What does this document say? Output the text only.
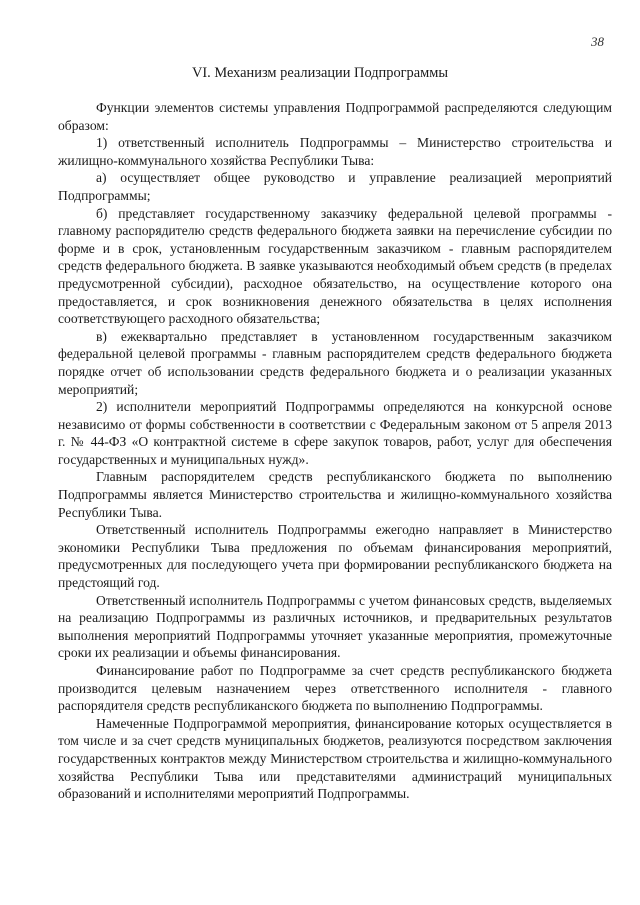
38
VI. Механизм реализации Подпрограммы

Функции элементов системы управления Подпрограммой распределяются следующим образом:

1) ответственный исполнитель Подпрограммы – Министерство строительства и жилищно-коммунального хозяйства Республики Тыва:

а) осуществляет общее руководство и управление реализацией мероприятий Подпрограммы;

б) представляет государственному заказчику федеральной целевой программы - главному распорядителю средств федерального бюджета заявки на перечисление субсидии по форме и в срок, установленным государственным заказчиком - главным распорядителем средств федерального бюджета. В заявке указываются необходимый объем средств (в пределах предусмотренной субсидии), расходное обязательство, на осуществление которого она предоставляется, и срок возникновения денежного обязательства в целях исполнения соответствующего расходного обязательства;

в) ежеквартально представляет в установленном государственным заказчиком федеральной целевой программы - главным распорядителем средств федерального бюджета порядке отчет об использовании средств федерального бюджета и о реализации указанных мероприятий;

2) исполнители мероприятий Подпрограммы определяются на конкурсной основе независимо от формы собственности в соответствии с Федеральным законом от 5 апреля 2013 г. № 44-ФЗ «О контрактной системе в сфере закупок товаров, работ, услуг для обеспечения государственных и муниципальных нужд».

Главным распорядителем средств республиканского бюджета по выполнению Подпрограммы является Министерство строительства и жилищно-коммунального хозяйства Республики Тыва.

Ответственный исполнитель Подпрограммы ежегодно направляет в Министерство экономики Республики Тыва предложения по объемам финансирования мероприятий, предусмотренных для последующего учета при формировании республиканского бюджета на предстоящий год.

Ответственный исполнитель Подпрограммы с учетом финансовых средств, выделяемых на реализацию Подпрограммы из различных источников, и предварительных результатов выполнения мероприятий Подпрограммы уточняет указанные мероприятия, промежуточные сроки их реализации и объемы финансирования.

Финансирование работ по Подпрограмме за счет средств республиканского бюджета производится целевым назначением через ответственного исполнителя - главного распорядителя средств республиканского бюджета по выполнению Подпрограммы.

Намеченные Подпрограммой мероприятия, финансирование которых осуществляется в том числе и за счет средств муниципальных бюджетов, реализуются посредством заключения государственных контрактов между Министерством строительства и жилищно-коммунального хозяйства Республики Тыва или представителями администраций муниципальных образований и исполнителями мероприятий Подпрограммы.
